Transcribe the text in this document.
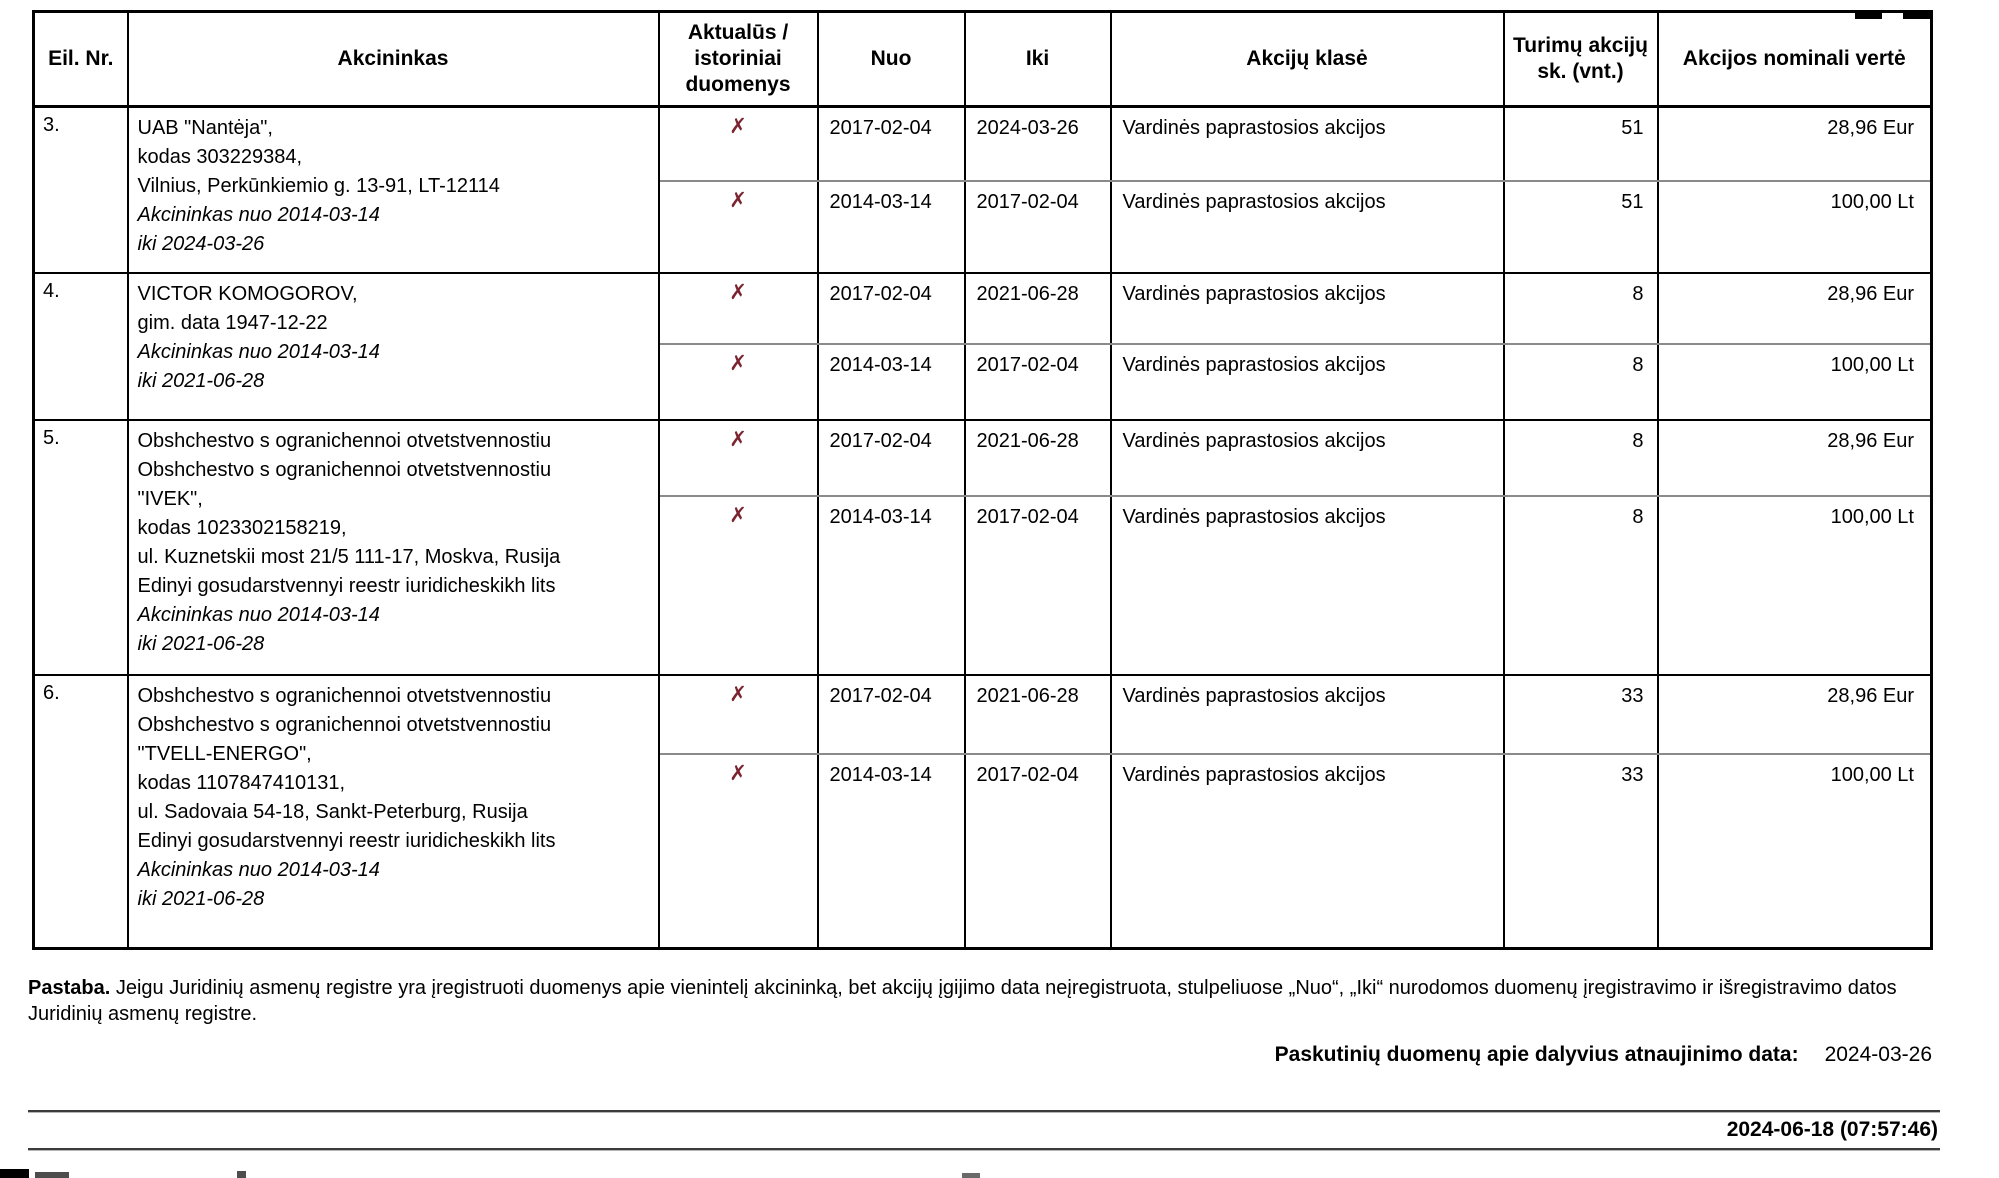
Eil. Nr.	Akcininkas	Aktualūs / istoriniai duomenys	Nuo	Iki	Akcijų klasė	Turimų akcijų sk. (vnt.)	Akcijos nominali vertė
3.	UAB "Nantėja",
kodas 303229384,
Vilnius, Perkūnkiemio g. 13-91, LT-12114
Akcininkas nuo 2014-03-14
iki 2024-03-26	✗	2017-02-04	2024-03-26	Vardinės paprastosios akcijos	51	28,96 Eur
		✗	2014-03-14	2017-02-04	Vardinės paprastosios akcijos	51	100,00 Lt
4.	VICTOR KOMOGOROV,
gim. data 1947-12-22
Akcininkas nuo 2014-03-14
iki 2021-06-28	✗	2017-02-04	2021-06-28	Vardinės paprastosios akcijos	8	28,96 Eur
		✗	2014-03-14	2017-02-04	Vardinės paprastosios akcijos	8	100,00 Lt
5.	Obshchestvo s ogranichennoi otvetstvennostiu
Obshchestvo s ogranichennoi otvetstvennostiu
"IVEK",
kodas 1023302158219,
ul. Kuznetskii most 21/5 111-17, Moskva, Rusija
Edinyi gosudarstvennyi reestr iuridicheskikh lits
Akcininkas nuo 2014-03-14
iki 2021-06-28
	✗	2017-02-04	2021-06-28	Vardinės paprastosios akcijos	8	28,96 Eur
		✗	2014-03-14	2017-02-04	Vardinės paprastosios akcijos	8	100,00 Lt
6.	Obshchestvo s ogranichennoi otvetstvennostiu
Obshchestvo s ogranichennoi otvetstvennostiu
"TVELL-ENERGO",
kodas 1107847410131,
ul. Sadovaia 54-18, Sankt-Peterburg, Rusija
Edinyi gosudarstvennyi reestr iuridicheskikh lits
Akcininkas nuo 2014-03-14
iki 2021-06-28
	✗	2017-02-04	2021-06-28	Vardinės paprastosios akcijos	33	28,96 Eur
		✗	2014-03-14	2017-02-04	Vardinės paprastosios akcijos	33	100,00 Lt
Pastaba. Jeigu Juridinių asmenų registre yra įregistruoti duomenys apie vienintelį akcininką, bet akcijų įgijimo data neįregistruota, stulpeliuose „Nuo“, „Iki“ nurodomos duomenų įregistravimo ir išregistravimo datos Juridinių asmenų registre.
Paskutinių duomenų apie dalyvius atnaujinimo data: 2024-03-26
2024-06-18 (07:57:46)
